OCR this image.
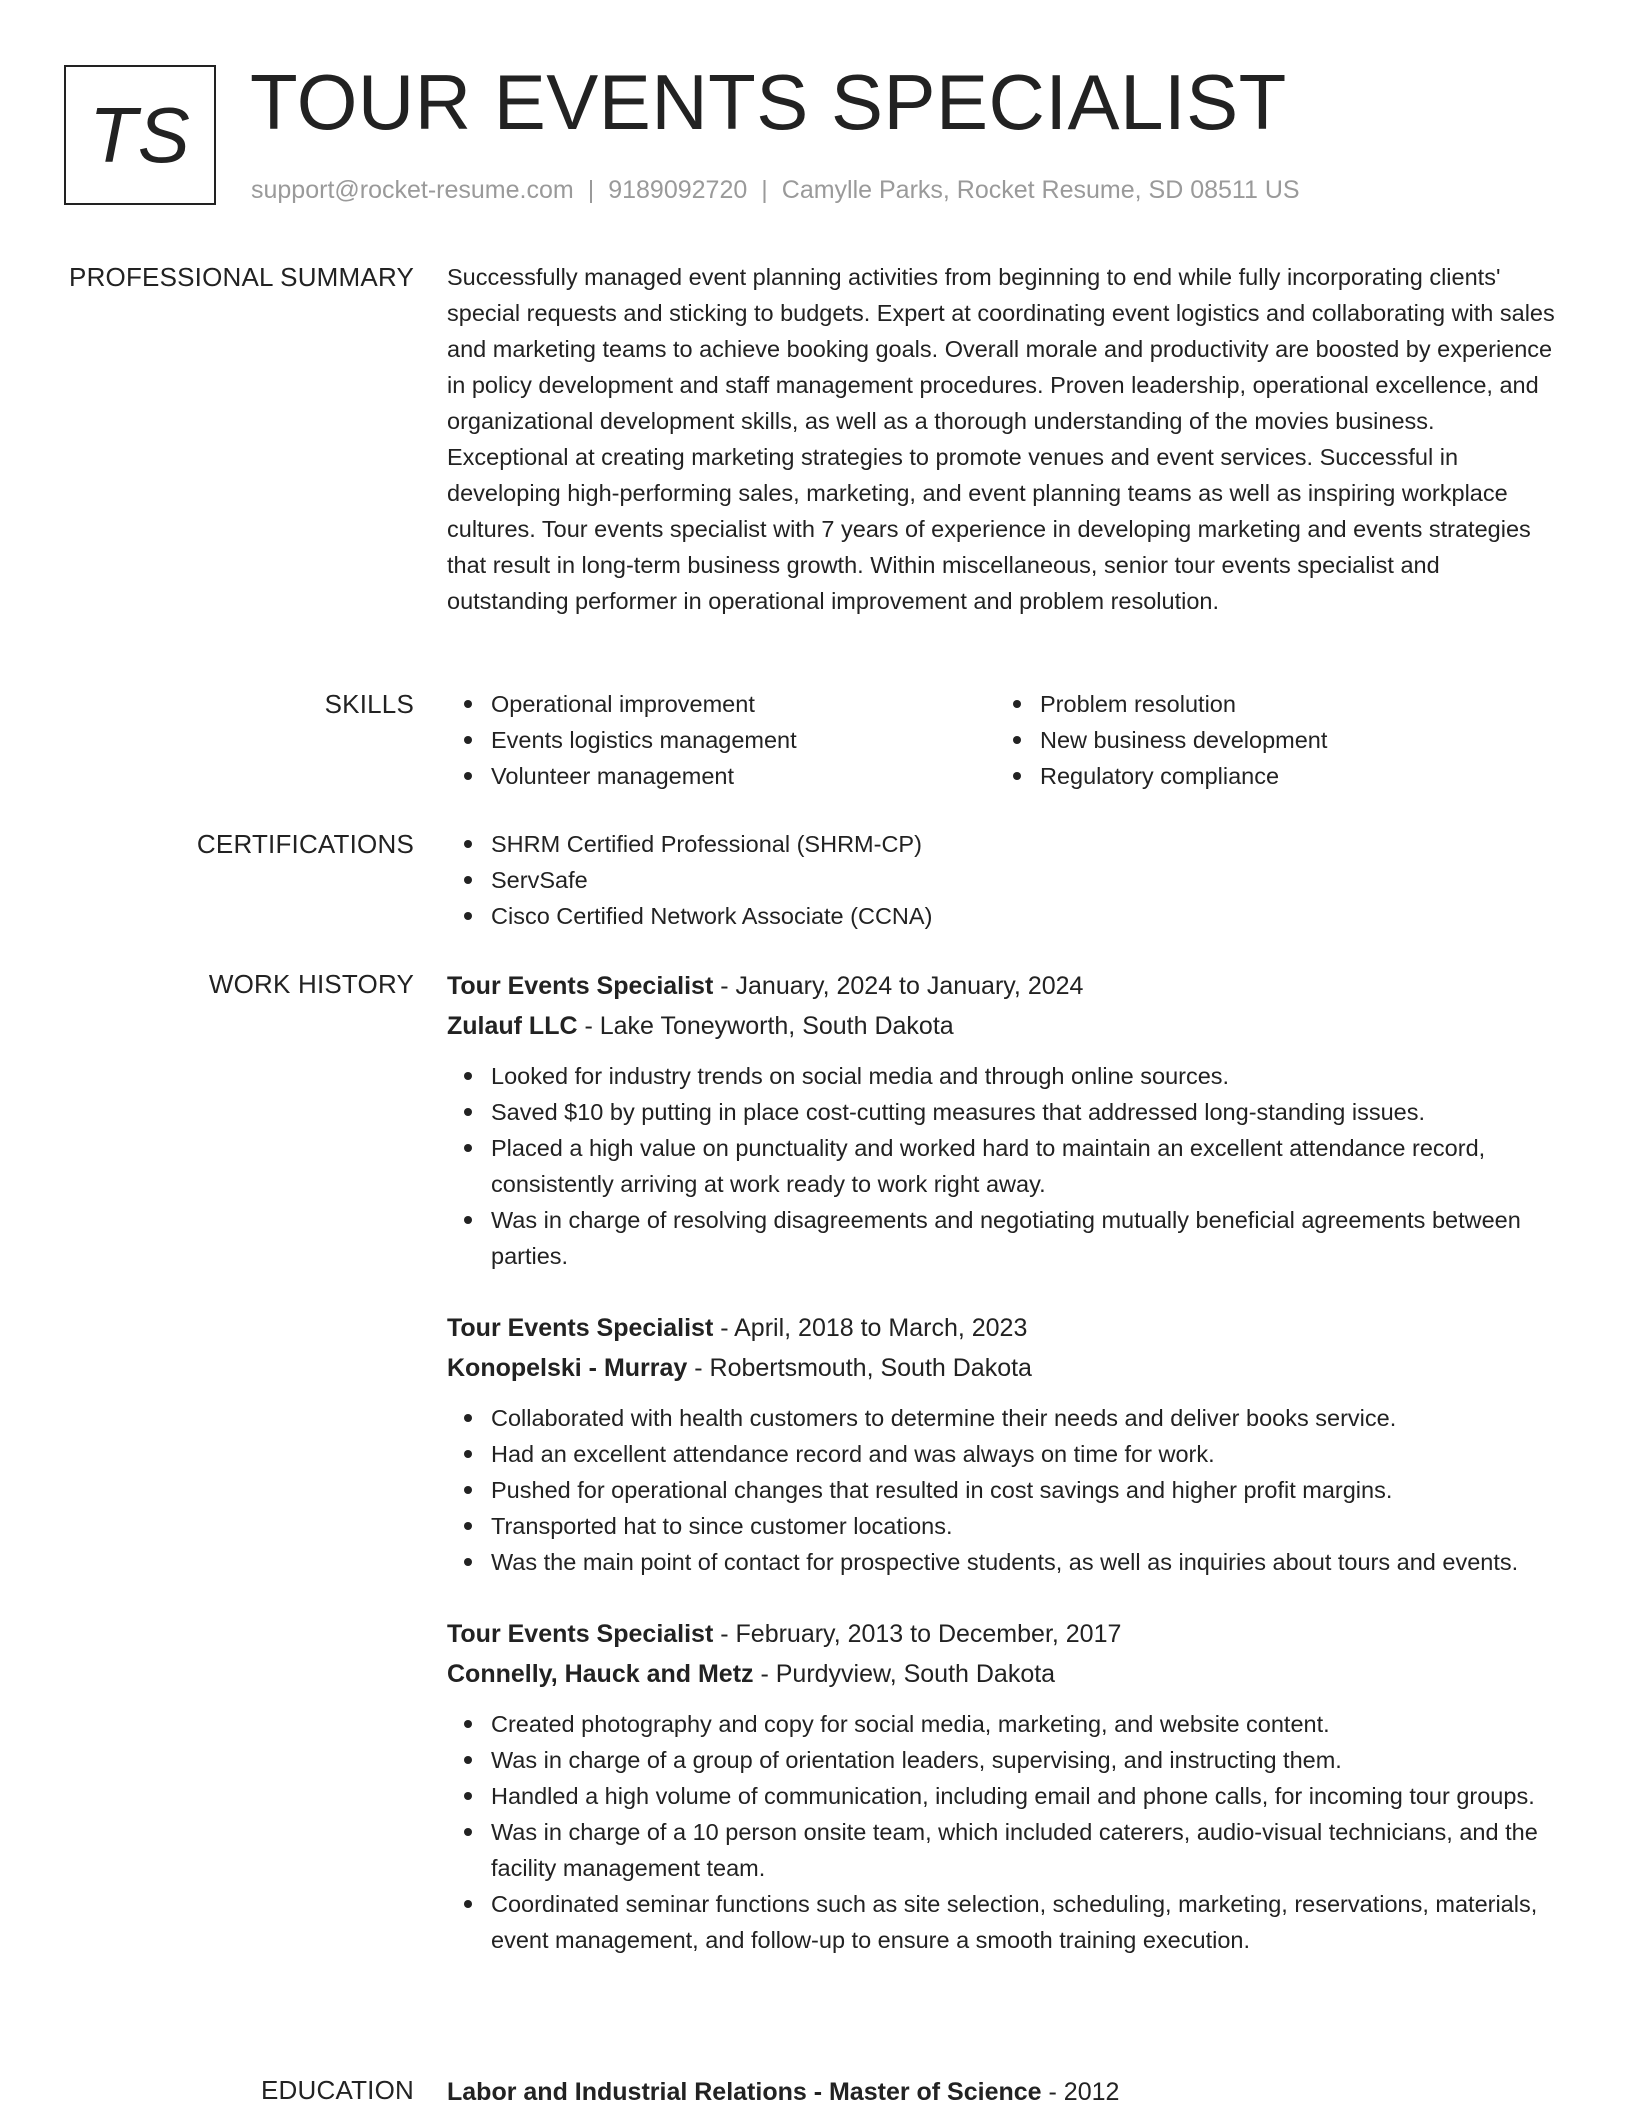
TS TOUR EVENTS SPECIALIST
support@rocket-resume.com | 9189092720 | Camylle Parks, Rocket Resume, SD 08511 US
PROFESSIONAL SUMMARY Successfully managed event planning activities from beginning to end while fully incorporating clients' special requests and sticking to budgets. Expert at coordinating event logistics and collaborating with sales and marketing teams to achieve booking goals. Overall morale and productivity are boosted by experience in policy development and staff management procedures. Proven leadership, operational excellence, and organizational development skills, as well as a thorough understanding of the movies business. Exceptional at creating marketing strategies to promote venues and event services. Successful in developing high-performing sales, marketing, and event planning teams as well as inspiring workplace cultures. Tour events specialist with 7 years of experience in developing marketing and events strategies that result in long-term business growth. Within miscellaneous, senior tour events specialist and outstanding performer in operational improvement and problem resolution.

SKILLS	Operational improvement
Events logistics management
Volunteer management
Problem resolution
New business development
Regulatory compliance
CERTIFICATIONS	SHRM Certified Professional (SHRM-CP)
ServSafe
Cisco Certified Network Associate (CCNA)
WORK HISTORY Tour Events Specialist - January, 2024 to January, 2024
Zulauf LLC - Lake Toneyworth, South Dakota
Looked for industry trends on social media and through online sources.
Saved $10 by putting in place cost-cutting measures that addressed long-standing issues.
Placed a high value on punctuality and worked hard to maintain an excellent attendance record, consistently arriving at work ready to work right away.
Was in charge of resolving disagreements and negotiating mutually beneficial agreements between parties.
Tour Events Specialist - April, 2018 to March, 2023
Konopelski - Murray - Robertsmouth, South Dakota
Collaborated with health customers to determine their needs and deliver books service.
Had an excellent attendance record and was always on time for work.
Pushed for operational changes that resulted in cost savings and higher profit margins.
Transported hat to since customer locations.
Was the main point of contact for prospective students, as well as inquiries about tours and events.
Tour Events Specialist - February, 2013 to December, 2017
Connelly, Hauck and Metz - Purdyview, South Dakota
Created photography and copy for social media, marketing, and website content.
Was in charge of a group of orientation leaders, supervising, and instructing them.
Handled a high volume of communication, including email and phone calls, for incoming tour groups.
Was in charge of a 10 person onsite team, which included caterers, audio-visual technicians, and the facility management team.
Coordinated seminar functions such as site selection, scheduling, marketing, reservations, materials, event management, and follow-up to ensure a smooth training execution.
EDUCATION Labor and Industrial Relations - Master of Science - 2012
